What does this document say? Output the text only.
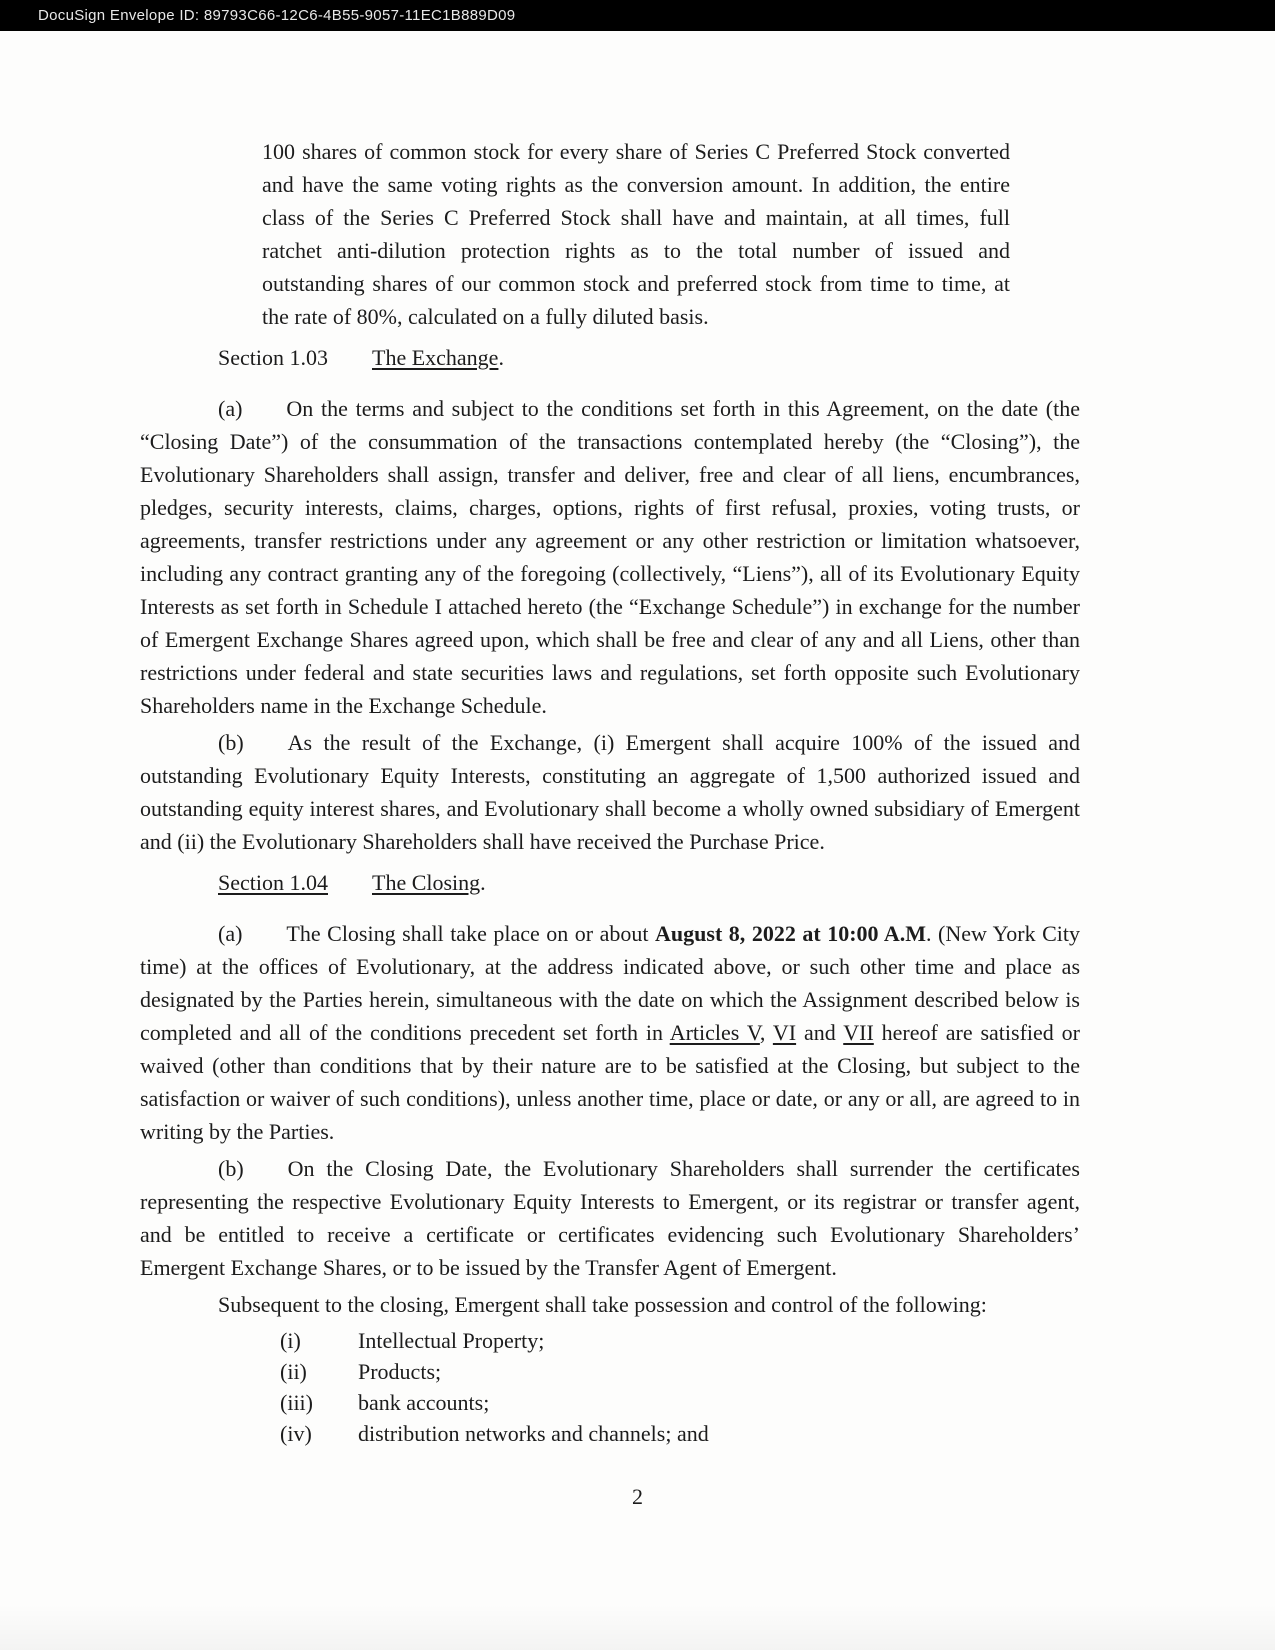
DocuSign Envelope ID: 89793C66-12C6-4B55-9057-11EC1B889D09

100 shares of common stock for every share of Series C Preferred Stock converted and have the same voting rights as the conversion amount. In addition, the entire class of the Series C Preferred Stock shall have and maintain, at all times, full ratchet anti-dilution protection rights as to the total number of issued and outstanding shares of our common stock and preferred stock from time to time, at the rate of 80%, calculated on a fully diluted basis.

Section 1.03 The Exchange.

(a) On the terms and subject to the conditions set forth in this Agreement, on the date (the “Closing Date”) of the consummation of the transactions contemplated hereby (the “Closing”), the Evolutionary Shareholders shall assign, transfer and deliver, free and clear of all liens, encumbrances, pledges, security interests, claims, charges, options, rights of first refusal, proxies, voting trusts, or agreements, transfer restrictions under any agreement or any other restriction or limitation whatsoever, including any contract granting any of the foregoing (collectively, “Liens”), all of its Evolutionary Equity Interests as set forth in Schedule I attached hereto (the “Exchange Schedule”) in exchange for the number of Emergent Exchange Shares agreed upon, which shall be free and clear of any and all Liens, other than restrictions under federal and state securities laws and regulations, set forth opposite such Evolutionary Shareholders name in the Exchange Schedule.

(b) As the result of the Exchange, (i) Emergent shall acquire 100% of the issued and outstanding Evolutionary Equity Interests, constituting an aggregate of 1,500 authorized issued and outstanding equity interest shares, and Evolutionary shall become a wholly owned subsidiary of Emergent and (ii) the Evolutionary Shareholders shall have received the Purchase Price.

Section 1.04 The Closing.

(a) The Closing shall take place on or about August 8, 2022 at 10:00 A.M. (New York City time) at the offices of Evolutionary, at the address indicated above, or such other time and place as designated by the Parties herein, simultaneous with the date on which the Assignment described below is completed and all of the conditions precedent set forth in Articles V, VI and VII hereof are satisfied or waived (other than conditions that by their nature are to be satisfied at the Closing, but subject to the satisfaction or waiver of such conditions), unless another time, place or date, or any or all, are agreed to in writing by the Parties.

(b) On the Closing Date, the Evolutionary Shareholders shall surrender the certificates representing the respective Evolutionary Equity Interests to Emergent, or its registrar or transfer agent, and be entitled to receive a certificate or certificates evidencing such Evolutionary Shareholders’ Emergent Exchange Shares, or to be issued by the Transfer Agent of Emergent.

Subsequent to the closing, Emergent shall take possession and control of the following:

(i)	Intellectual Property;
(ii)	Products;
(iii)	bank accounts;
(iv)	distribution networks and channels; and
2
